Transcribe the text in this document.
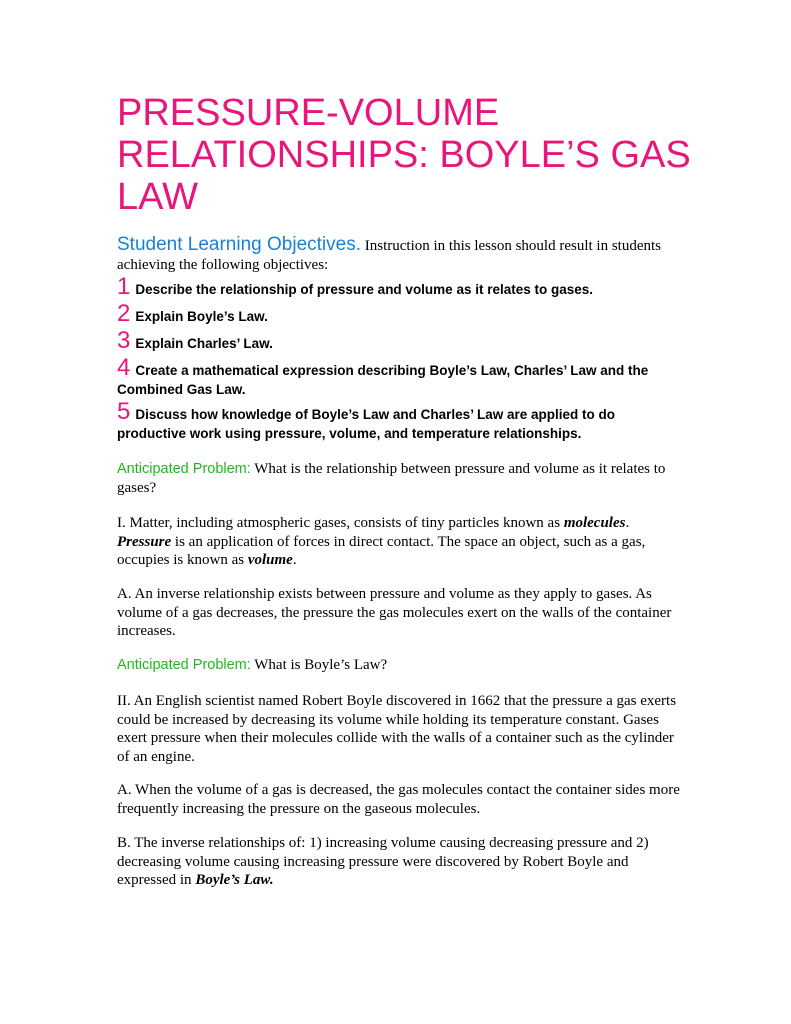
PRESSURE-VOLUME RELATIONSHIPS: BOYLE’S GAS LAW
Student Learning Objectives. Instruction in this lesson should result in students achieving the following objectives:
1 Describe the relationship of pressure and volume as it relates to gases.
2 Explain Boyle’s Law.
3 Explain Charles’ Law.
4 Create a mathematical expression describing Boyle’s Law, Charles’ Law and the Combined Gas Law.
5 Discuss how knowledge of Boyle’s Law and Charles’ Law are applied to do productive work using pressure, volume, and temperature relationships.
Anticipated Problem: What is the relationship between pressure and volume as it relates to gases?
I. Matter, including atmospheric gases, consists of tiny particles known as molecules. Pressure is an application of forces in direct contact. The space an object, such as a gas, occupies is known as volume.
A. An inverse relationship exists between pressure and volume as they apply to gases. As volume of a gas decreases, the pressure the gas molecules exert on the walls of the container increases.
Anticipated Problem: What is Boyle’s Law?
II. An English scientist named Robert Boyle discovered in 1662 that the pressure a gas exerts could be increased by decreasing its volume while holding its temperature constant. Gases exert pressure when their molecules collide with the walls of a container such as the cylinder of an engine.
A. When the volume of a gas is decreased, the gas molecules contact the container sides more frequently increasing the pressure on the gaseous molecules.
B. The inverse relationships of: 1) increasing volume causing decreasing pressure and 2) decreasing volume causing increasing pressure were discovered by Robert Boyle and expressed in Boyle’s Law.
